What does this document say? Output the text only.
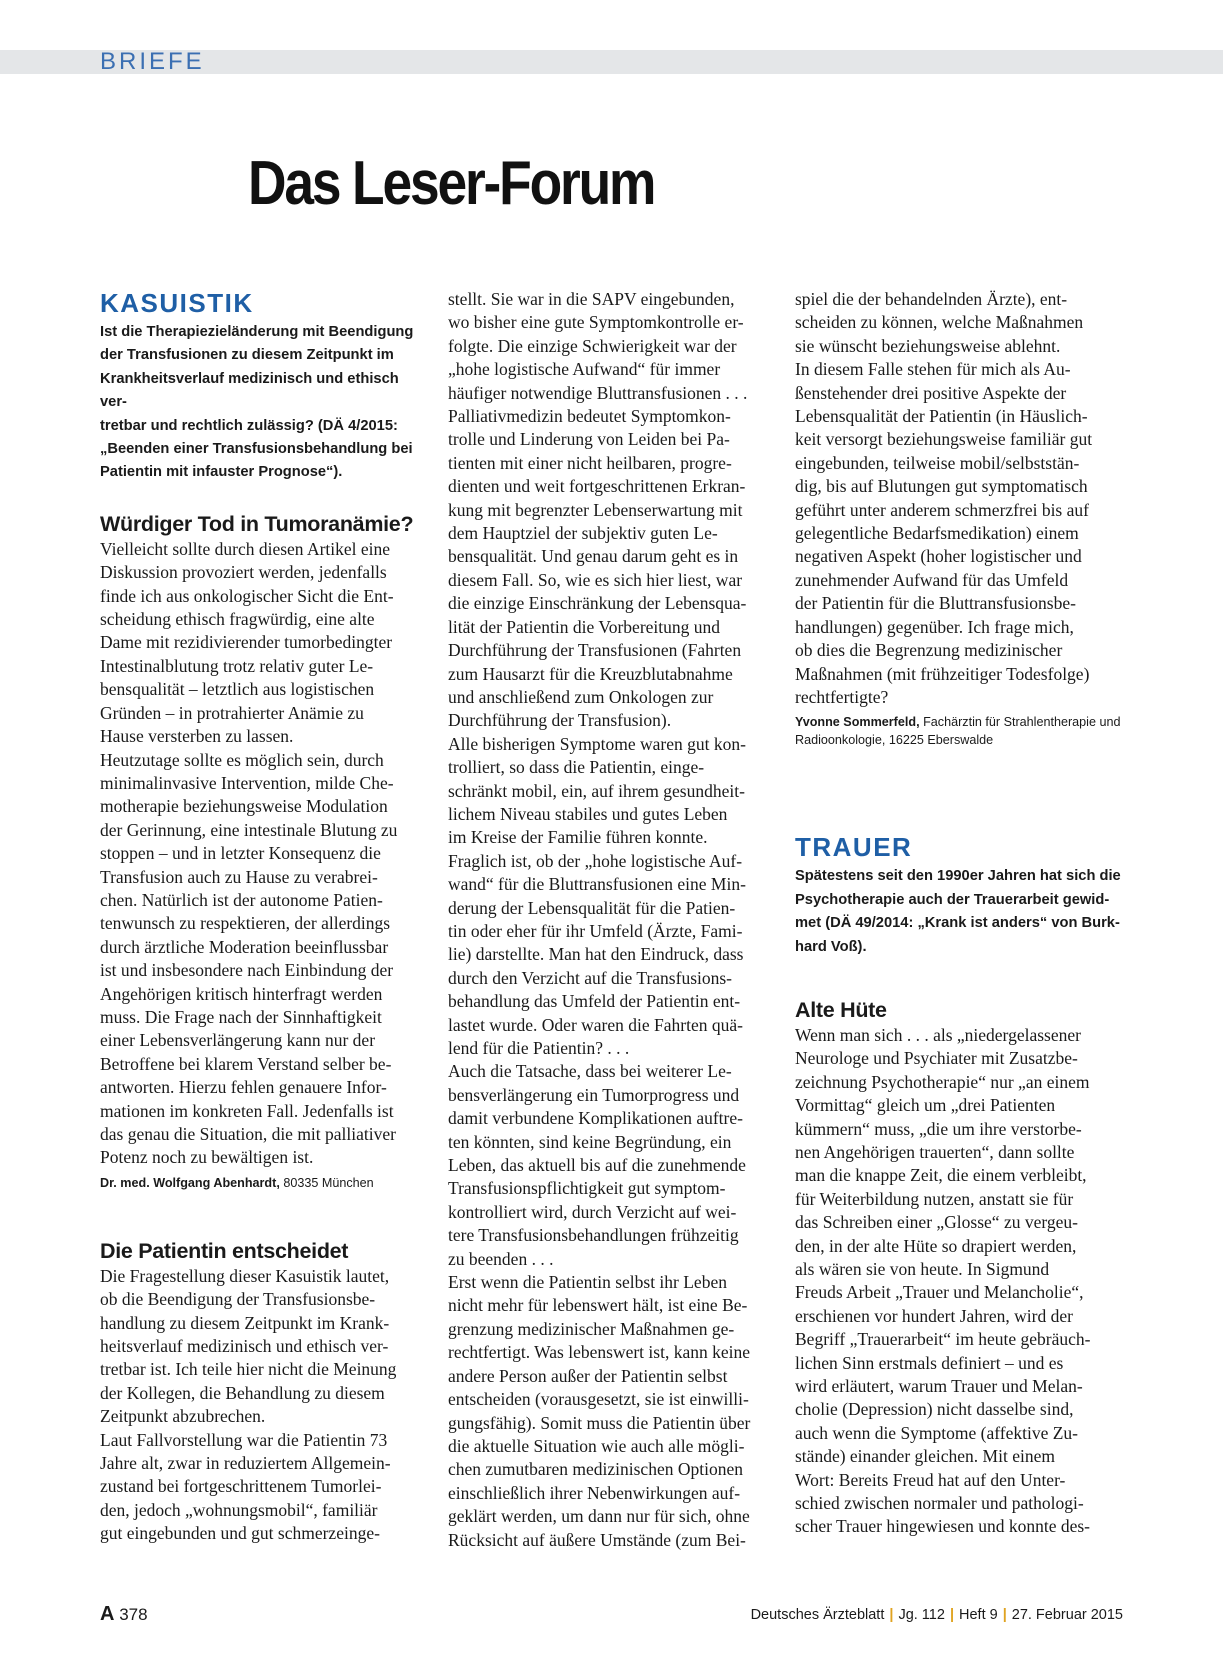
BRIEFE
Das Leser-Forum
KASUISTIK

Ist die Therapiezieländerung mit Beendigung

der Transfusionen zu diesem Zeitpunkt im

Krankheitsverlauf medizinisch und ethisch ver-

tretbar und rechtlich zulässig? (DÄ 4/2015:

„Beenden einer Transfusionsbehandlung bei

Patientin mit infauster Prognose“).

Würdiger Tod in Tumoranämie?

Vielleicht sollte durch diesen Artikel eine

Diskussion provoziert werden, jedenfalls

finde ich aus onkologischer Sicht die Ent-

scheidung ethisch fragwürdig, eine alte

Dame mit rezidivierender tumorbedingter

Intestinalblutung trotz relativ guter Le-

bensqualität – letztlich aus logistischen

Gründen – in protrahierter Anämie zu

Hause versterben zu lassen.

Heutzutage sollte es möglich sein, durch

minimalinvasive Intervention, milde Che-

motherapie beziehungsweise Modulation

der Gerinnung, eine intestinale Blutung zu

stoppen – und in letzter Konsequenz die

Transfusion auch zu Hause zu verabrei-

chen. Natürlich ist der autonome Patien-

tenwunsch zu respektieren, der allerdings

durch ärztliche Moderation beeinflussbar

ist und insbesondere nach Einbindung der

Angehörigen kritisch hinterfragt werden

muss. Die Frage nach der Sinnhaftigkeit

einer Lebensverlängerung kann nur der

Betroffene bei klarem Verstand selber be-

antworten. Hierzu fehlen genauere Infor-

mationen im konkreten Fall. Jedenfalls ist

das genau die Situation, die mit palliativer

Potenz noch zu bewältigen ist.

Dr. med. Wolfgang Abenhardt, 80335 München
Die Patientin entscheidet

Die Fragestellung dieser Kasuistik lautet,

ob die Beendigung der Transfusionsbe-

handlung zu diesem Zeitpunkt im Krank-

heitsverlauf medizinisch und ethisch ver-

tretbar ist. Ich teile hier nicht die Meinung

der Kollegen, die Behandlung zu diesem

Zeitpunkt abzubrechen.

Laut Fallvorstellung war die Patientin 73

Jahre alt, zwar in reduziertem Allgemein-

zustand bei fortgeschrittenem Tumorlei-

den, jedoch „wohnungsmobil“, familiär

gut eingebunden und gut schmerzeinge-

stellt. Sie war in die SAPV eingebunden,

wo bisher eine gute Symptomkontrolle er-

folgte. Die einzige Schwierigkeit war der

„hohe logistische Aufwand“ für immer

häufiger notwendige Bluttransfusionen . . .

Palliativmedizin bedeutet Symptomkon-

trolle und Linderung von Leiden bei Pa-

tienten mit einer nicht heilbaren, progre-

dienten und weit fortgeschrittenen Erkran-

kung mit begrenzter Lebenserwartung mit

dem Hauptziel der subjektiv guten Le-

bensqualität. Und genau darum geht es in

diesem Fall. So, wie es sich hier liest, war

die einzige Einschränkung der Lebensqua-

lität der Patientin die Vorbereitung und

Durchführung der Transfusionen (Fahrten

zum Hausarzt für die Kreuzblutabnahme

und anschließend zum Onkologen zur

Durchführung der Transfusion).

Alle bisherigen Symptome waren gut kon-

trolliert, so dass die Patientin, einge-

schränkt mobil, ein, auf ihrem gesundheit-

lichem Niveau stabiles und gutes Leben

im Kreise der Familie führen konnte.

Fraglich ist, ob der „hohe logistische Auf-

wand“ für die Bluttransfusionen eine Min-

derung der Lebensqualität für die Patien-

tin oder eher für ihr Umfeld (Ärzte, Fami-

lie) darstellte. Man hat den Eindruck, dass

durch den Verzicht auf die Transfusions-

behandlung das Umfeld der Patientin ent-

lastet wurde. Oder waren die Fahrten quä-

lend für die Patientin? . . .

Auch die Tatsache, dass bei weiterer Le-

bensverlängerung ein Tumorprogress und

damit verbundene Komplikationen auftre-

ten könnten, sind keine Begründung, ein

Leben, das aktuell bis auf die zunehmende

Transfusionspflichtigkeit gut symptom-

kontrolliert wird, durch Verzicht auf wei-

tere Transfusionsbehandlungen frühzeitig

zu beenden . . .

Erst wenn die Patientin selbst ihr Leben

nicht mehr für lebenswert hält, ist eine Be-

grenzung medizinischer Maßnahmen ge-

rechtfertigt. Was lebenswert ist, kann keine

andere Person außer der Patientin selbst

entscheiden (vorausgesetzt, sie ist einwilli-

gungsfähig). Somit muss die Patientin über

die aktuelle Situation wie auch alle mögli-

chen zumutbaren medizinischen Optionen

einschließlich ihrer Nebenwirkungen auf-

geklärt werden, um dann nur für sich, ohne

Rücksicht auf äußere Umstände (zum Bei-

spiel die der behandelnden Ärzte), ent-

scheiden zu können, welche Maßnahmen

sie wünscht beziehungsweise ablehnt.

In diesem Falle stehen für mich als Au-

ßenstehender drei positive Aspekte der

Lebensqualität der Patientin (in Häuslich-

keit versorgt beziehungsweise familiär gut

eingebunden, teilweise mobil/selbststän-

dig, bis auf Blutungen gut symptomatisch

geführt unter anderem schmerzfrei bis auf

gelegentliche Bedarfsmedikation) einem

negativen Aspekt (hoher logistischer und

zunehmender Aufwand für das Umfeld

der Patientin für die Bluttransfusionsbe-

handlungen) gegenüber. Ich frage mich,

ob dies die Begrenzung medizinischer

Maßnahmen (mit frühzeitiger Todesfolge)

rechtfertigte?

Yvonne Sommerfeld, Fachärztin für Strahlentherapie und
Radioonkologie, 16225 Eberswalde
TRAUER

Spätestens seit den 1990er Jahren hat sich die

Psychotherapie auch der Trauerarbeit gewid-

met (DÄ 49/2014: „Krank ist anders“ von Burk-

hard Voß).

Alte Hüte

Wenn man sich . . . als „niedergelassener

Neurologe und Psychiater mit Zusatzbe-

zeichnung Psychotherapie“ nur „an einem

Vormittag“ gleich um „drei Patienten

kümmern“ muss, „die um ihre verstorbe-

nen Angehörigen trauerten“, dann sollte

man die knappe Zeit, die einem verbleibt,

für Weiterbildung nutzen, anstatt sie für

das Schreiben einer „Glosse“ zu vergeu-

den, in der alte Hüte so drapiert werden,

als wären sie von heute. In Sigmund

Freuds Arbeit „Trauer und Melancholie“,

erschienen vor hundert Jahren, wird der

Begriff „Trauerarbeit“ im heute gebräuch-

lichen Sinn erstmals definiert – und es

wird erläutert, warum Trauer und Melan-

cholie (Depression) nicht dasselbe sind,

auch wenn die Symptome (affektive Zu-

stände) einander gleichen. Mit einem

Wort: Bereits Freud hat auf den Unter-

schied zwischen normaler und pathologi-

scher Trauer hingewiesen und konnte des-

A 378	Deutsches Ärzteblatt | Jg. 112 | Heft 9 | 27. Februar 2015
